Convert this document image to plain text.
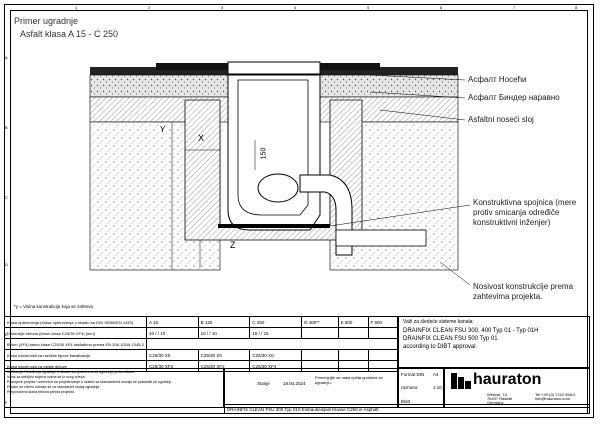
1	2	3	4	5	6	7	8
A
B
C
D
E
F
Primer ugradnje
Asfalt klasa A 15 - C 250
X
Y
Z
150
Асфалт Носећи
Асфалт Биндер наравно
Asfaltni noseći sloj
Konstruktivna spojnica (mere protiv smicanja određiče konstruktivni inženjer)
Nosivost konstrukcije prema zahtevima projekta.
*y = Visina konstrukcije koja se zahteva
Klasa opterećenja (Klasa opterećenja u skladu sa DIN 19580/EN 1433)	A 15	B 125	C 250	D 400**	E 600	F 900
Dimenzije betona (beton klase C25/30 XF4) (mm)	10 / / 10	10 / / 10	15 / / 15			
Beton (XF4) beton klase C25/30 XF4 usklađeno prema EN 206-1/DIN 1045-2						
Klasa izloženosti za različite tipove kanalizacije	C25/30 X0	C25/30 X0	C25/30 X0			
Klasa izloženosti za ostale delove	C25/30 XF2	C25/30 XF2	C25/30 XF4			
Važi za sledeće sisteme kanala:
DRAINFIX CLEAN FSU 300, 400 Typ 01 - Typ 01H
DRAINFIX CLEAN FSU 500 Typ 01
according to DIBT approval
Ispitivanja i izvođenja ugradnje u skladu sa uputstvima za ugradnju proizvođača.
Iznos za debljinu slojeva uzima se iz ovog crteža.
Postojeće propise i smernice za projektovanje u skladu sa standardima moraju se poštovati pri ugradnji.
Podaci na crtežu odnose se na standardni slučaj ugradnje.
Preporučena klasa betona prema projektu.
Stanje	18.04.2024
Primenjujte se naša opšta uputstva za ugradnju.
Format DIN A4
razmera	1:10
Blatt
hauraton
Werkstr. 13
76437 Rastatt
Germany
Tel +49 (0) 7222 958-0
info@hauraton.com
DRAINFIX CLEAN FSU 300 Typ 010 Einbaubeispiel Klasse C250 in Asphalt
